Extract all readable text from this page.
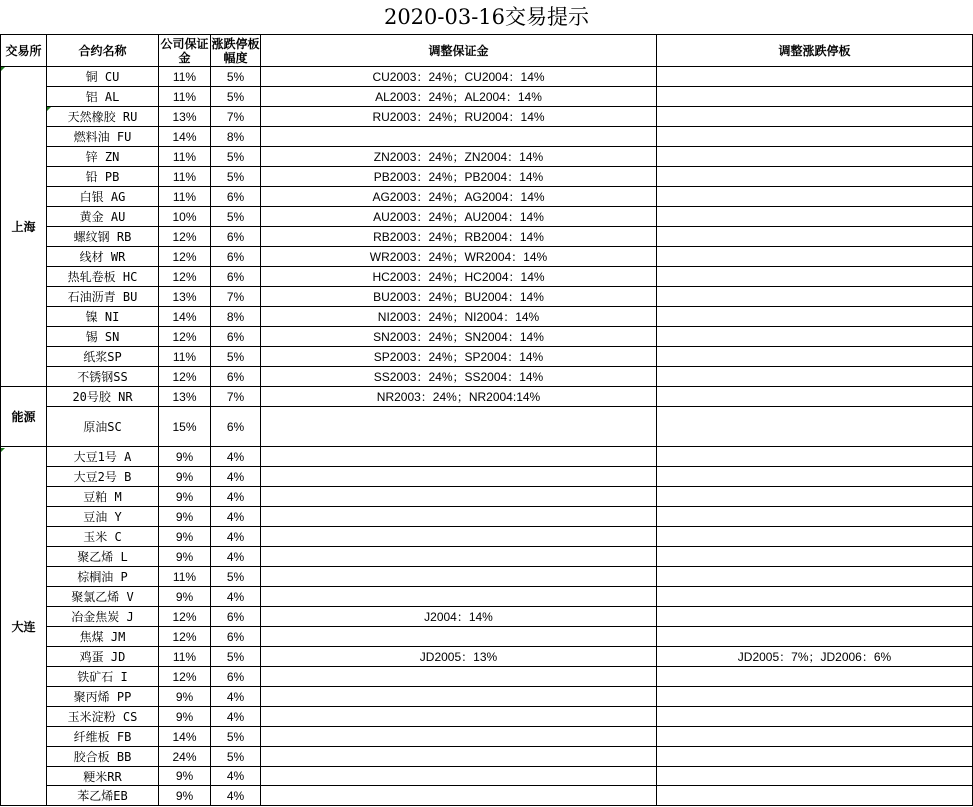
2020-03-16交易提示
交易所	合约名称	公司保证金	涨跌停板幅度	调整保证金	调整涨跌停板
上海	铜 CU	11%	5%	CU2003：24%；CU2004：14%	
	铝 AL	11%	5%	AL2003：24%；AL2004：14%	
	天然橡胶 RU	13%	7%	RU2003：24%；RU2004：14%	
	燃料油 FU	14%	8%		
	锌 ZN	11%	5%	ZN2003：24%；ZN2004：14%	
	铅 PB	11%	5%	PB2003：24%；PB2004：14%	
	白银 AG	11%	6%	AG2003：24%；AG2004：14%	
	黄金 AU	10%	5%	AU2003：24%；AU2004：14%	
	螺纹钢 RB	12%	6%	RB2003：24%；RB2004：14%	
	线材 WR	12%	6%	WR2003：24%；WR2004：14%	
	热轧卷板 HC	12%	6%	HC2003：24%；HC2004：14%	
	石油沥青 BU	13%	7%	BU2003：24%；BU2004：14%	
	镍 NI	14%	8%	NI2003：24%；NI2004：14%	
	锡 SN	12%	6%	SN2003：24%；SN2004：14%	
	纸浆SP	11%	5%	SP2003：24%；SP2004：14%	
	不锈钢SS	12%	6%	SS2003：24%；SS2004：14%	
能源	20号胶 NR	13%	7%	NR2003：24%；NR2004:14%	
	原油SC	15%	6%		
大连	大豆1号 A	9%	4%		
	大豆2号 B	9%	4%		
	豆粕 M	9%	4%		
	豆油 Y	9%	4%		
	玉米 C	9%	4%		
	聚乙烯 L	9%	4%		
	棕榈油 P	11%	5%		
	聚氯乙烯 V	9%	4%		
	冶金焦炭 J	12%	6%	J2004：14%	
	焦煤 JM	12%	6%		
	鸡蛋 JD	11%	5%	JD2005：13%	JD2005：7%；JD2006：6%
	铁矿石 I	12%	6%		
	聚丙烯 PP	9%	4%		
	玉米淀粉 CS	9%	4%		
	纤维板 FB	14%	5%		
	胶合板 BB	24%	5%		
	粳米RR	9%	4%		
	苯乙烯EB	9%	4%		
